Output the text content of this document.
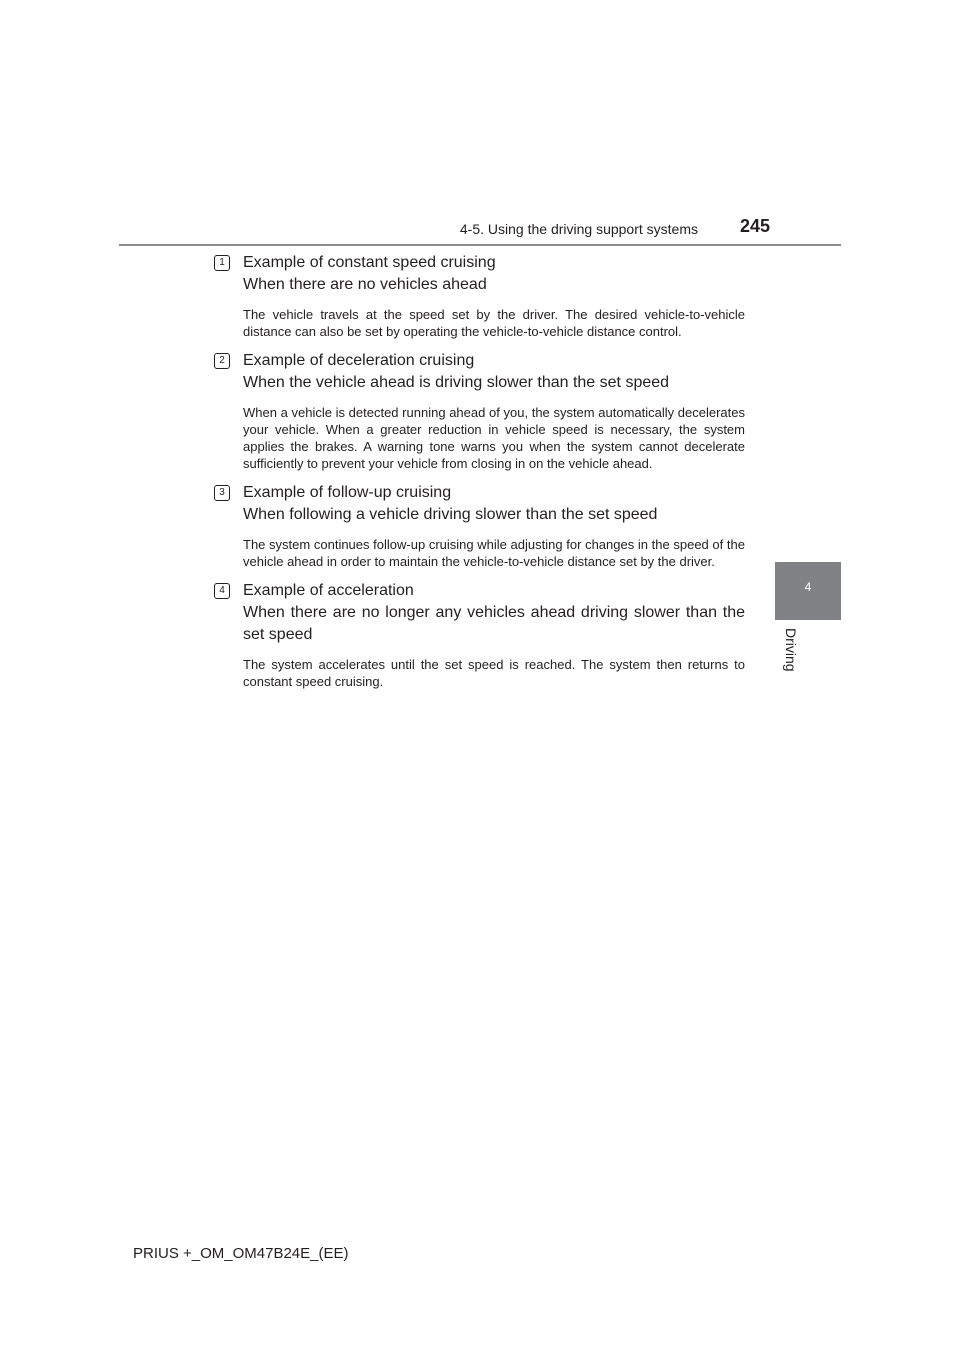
4-5. Using the driving support systems 245
4
Driving
1	Example of constant speed cruising
When there are no vehicles ahead
The vehicle travels at the speed set by the driver. The desired vehicle-to-vehicle distance can also be set by operating the vehicle-to-vehicle distance control.
2	Example of deceleration cruising
When the vehicle ahead is driving slower than the set speed
When a vehicle is detected running ahead of you, the system automatically decelerates your vehicle. When a greater reduction in vehicle speed is necessary, the system applies the brakes. A warning tone warns you when the system cannot decelerate sufficiently to prevent your vehicle from closing in on the vehicle ahead.
3	Example of follow-up cruising
When following a vehicle driving slower than the set speed
The system continues follow-up cruising while adjusting for changes in the speed of the vehicle ahead in order to maintain the vehicle-to-vehicle distance set by the driver.
4	Example of acceleration
When there are no longer any vehicles ahead driving slower than the set speed
The system accelerates until the set speed is reached. The system then returns to constant speed cruising.
PRIUS +_OM_OM47B24E_(EE)
